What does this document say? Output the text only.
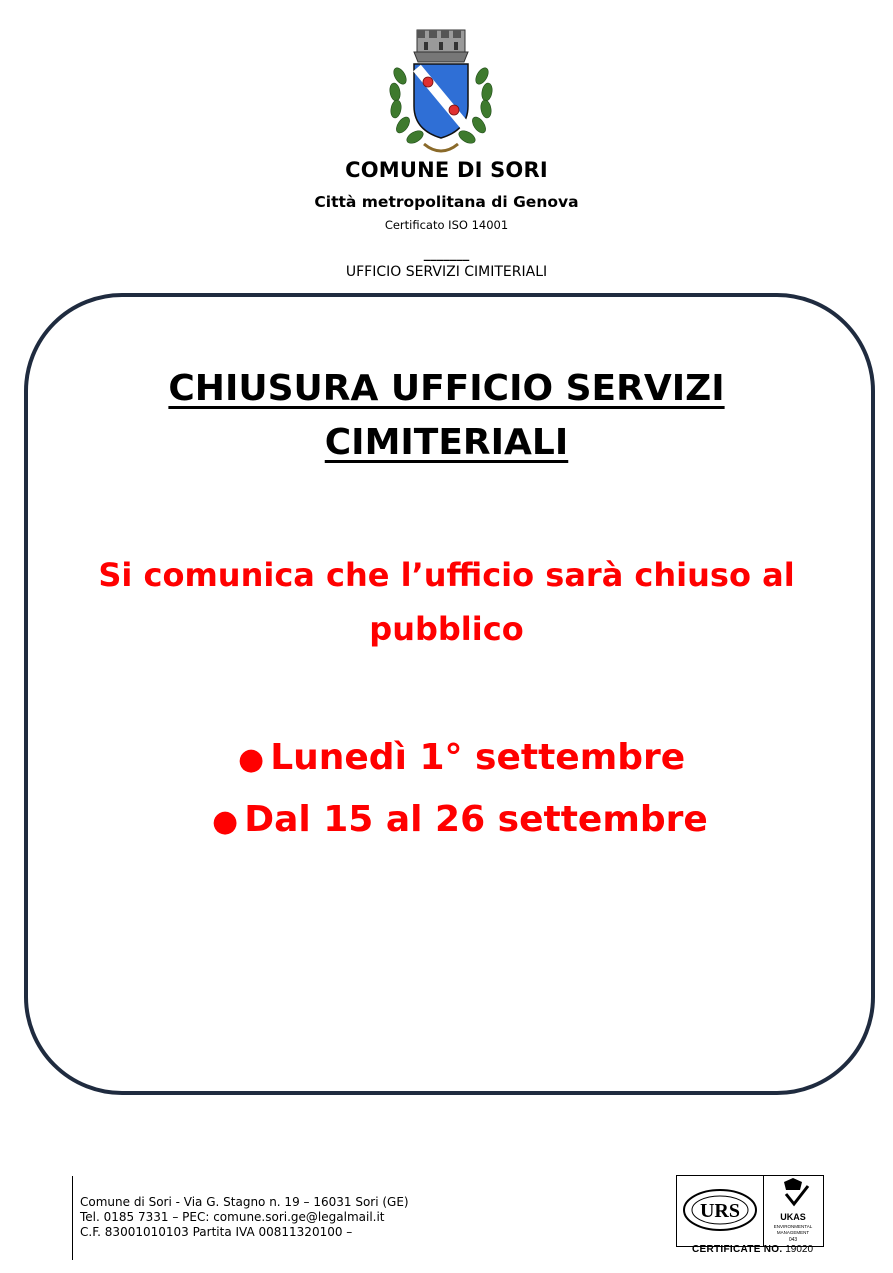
COMUNE DI SORI
Città metropolitana di Genova
Certificato ISO 14001
_______
UFFICIO SERVIZI CIMITERIALI
CHIUSURA UFFICIO SERVIZI
CIMITERIALI
Si comunica che l’ufficio sarà chiuso al
pubblico
● Lunedì 1° settembre
● Dal 15 al 26 settembre
Comune di Sori - Via G. Stagno n. 19 – 16031 Sori (GE)
Tel. 0185 7331 – PEC: comune.sori.ge@legalmail.it
C.F. 83001010103 Partita IVA 00811320100 –
URS	UKAS
ENVIRONMENTAL
MANAGEMENT
043
CERTIFICATE NO. 19020
